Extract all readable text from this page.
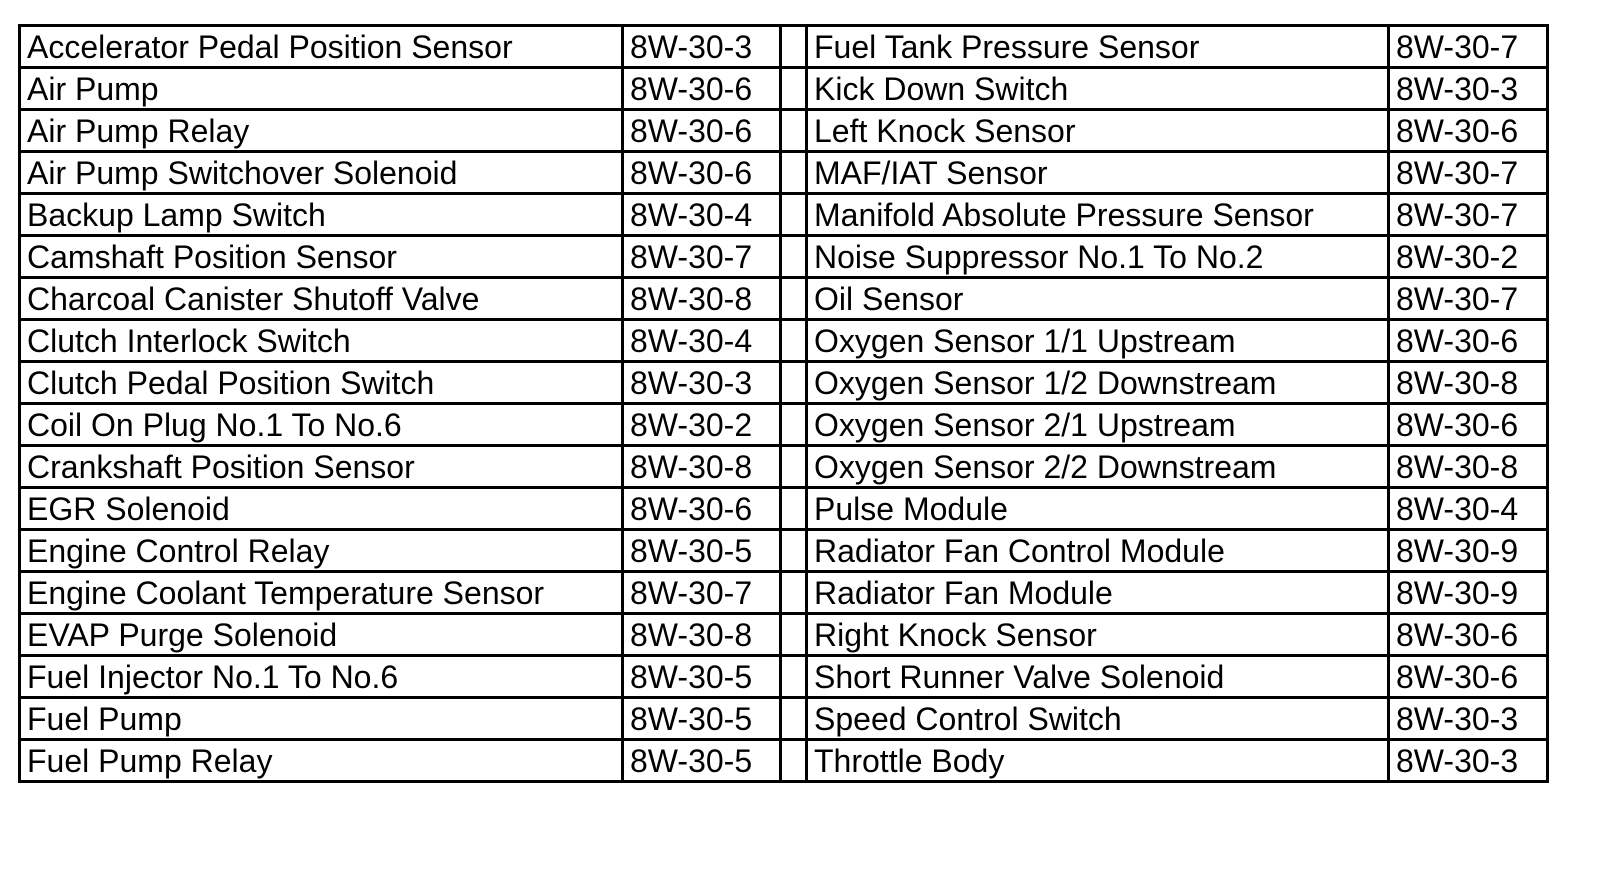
Accelerator Pedal Position Sensor	8W-30-3		Fuel Tank Pressure Sensor	8W-30-7
Air Pump	8W-30-6		Kick Down Switch	8W-30-3
Air Pump Relay	8W-30-6		Left Knock Sensor	8W-30-6
Air Pump Switchover Solenoid	8W-30-6		MAF/IAT Sensor	8W-30-7
Backup Lamp Switch	8W-30-4		Manifold Absolute Pressure Sensor	8W-30-7
Camshaft Position Sensor	8W-30-7		Noise Suppressor No.1 To No.2	8W-30-2
Charcoal Canister Shutoff Valve	8W-30-8		Oil Sensor	8W-30-7
Clutch Interlock Switch	8W-30-4		Oxygen Sensor 1/1 Upstream	8W-30-6
Clutch Pedal Position Switch	8W-30-3		Oxygen Sensor 1/2 Downstream	8W-30-8
Coil On Plug No.1 To No.6	8W-30-2		Oxygen Sensor 2/1 Upstream	8W-30-6
Crankshaft Position Sensor	8W-30-8		Oxygen Sensor 2/2 Downstream	8W-30-8
EGR Solenoid	8W-30-6		Pulse Module	8W-30-4
Engine Control Relay	8W-30-5		Radiator Fan Control Module	8W-30-9
Engine Coolant Temperature Sensor	8W-30-7		Radiator Fan Module	8W-30-9
EVAP Purge Solenoid	8W-30-8		Right Knock Sensor	8W-30-6
Fuel Injector No.1 To No.6	8W-30-5		Short Runner Valve Solenoid	8W-30-6
Fuel Pump	8W-30-5		Speed Control Switch	8W-30-3
Fuel Pump Relay	8W-30-5		Throttle Body	8W-30-3
